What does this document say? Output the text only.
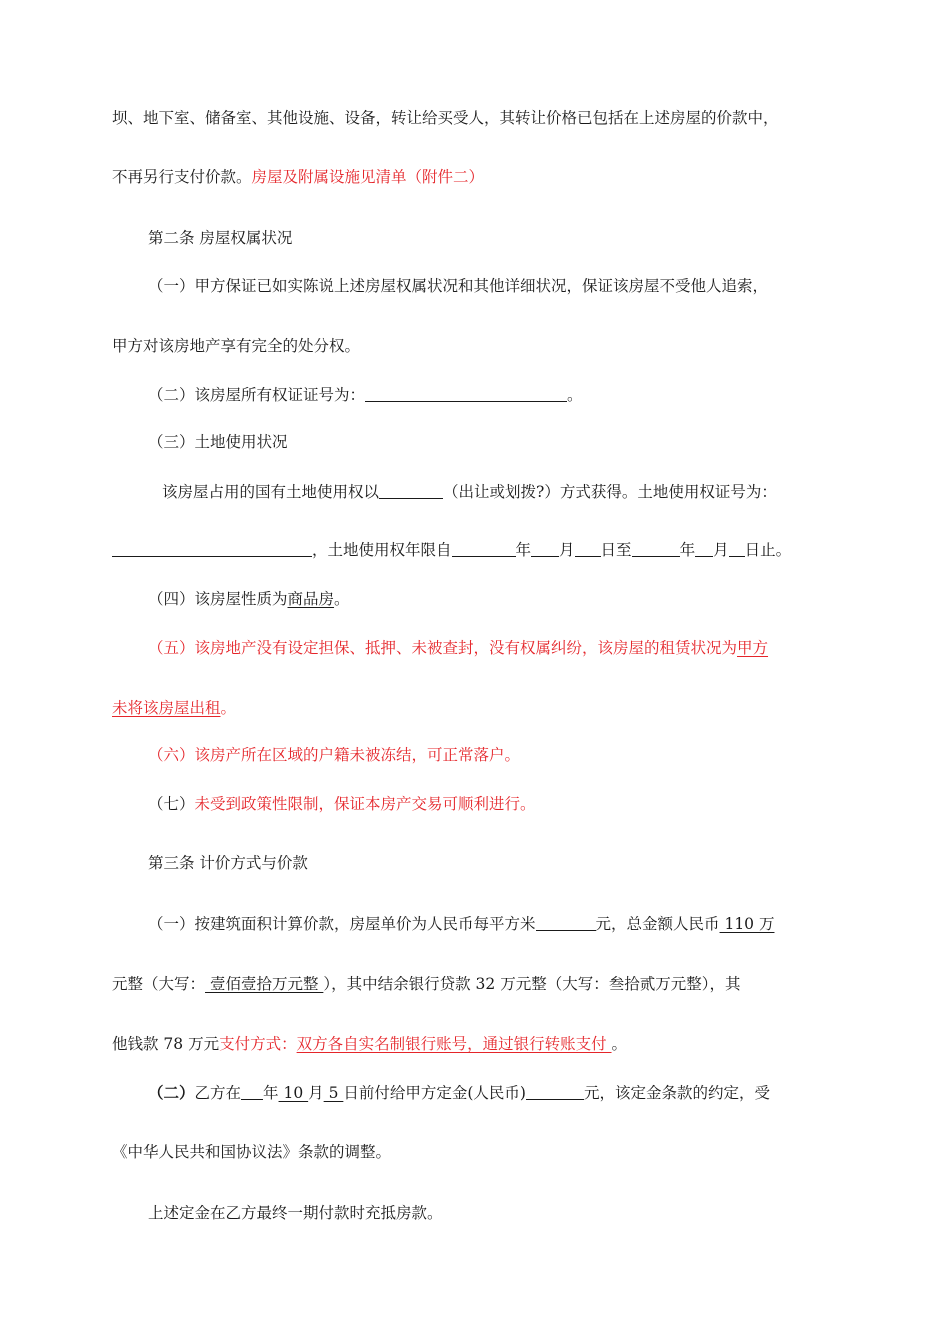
坝、地下室、储备室、其他设施、设备，转让给买受人，其转让价格已包括在上述房屋的价款中，
不再另行支付价款。房屋及附属设施见清单（附件二）
第二条 房屋权属状况
（一）甲方保证已如实陈说上述房屋权属状况和其他详细状况，保证该房屋不受他人追索，
甲方对该房地产享有完全的处分权。
（二）该房屋所有权证证号为：	。
（三）土地使用状况
该房屋占用的国有土地使用权以	（出让或划拨?）方式获得。土地使用权证号为：
，土地使用权年限自	年 月 日至	年 月 日止。
（四）该房屋性质为商品房。
（五）该房地产没有设定担保、抵押、未被查封，没有权属纠纷，该房屋的租赁状况为甲方
未将该房屋出租。
（六）该房产所在区域的户籍未被冻结，可正常落户。
（七）未受到政策性限制，保证本房产交易可顺利进行。
第三条 计价方式与价款
（一）按建筑面积计算价款，房屋单价为人民币每平方米	元，总金额人民币 110 万
元整（大写： 壹佰壹拾万元整 ），其中结余银行贷款 32 万元整（大写：叁拾贰万元整），其
他钱款 78 万元支付方式：双方各自实名制银行账号，通过银行转账支付 。
（二）乙方在 年 10 月 5 日前付给甲方定金(人民币)	元，该定金条款的约定，受
《中华人民共和国协议法》条款的调整。
上述定金在乙方最终一期付款时充抵房款。
